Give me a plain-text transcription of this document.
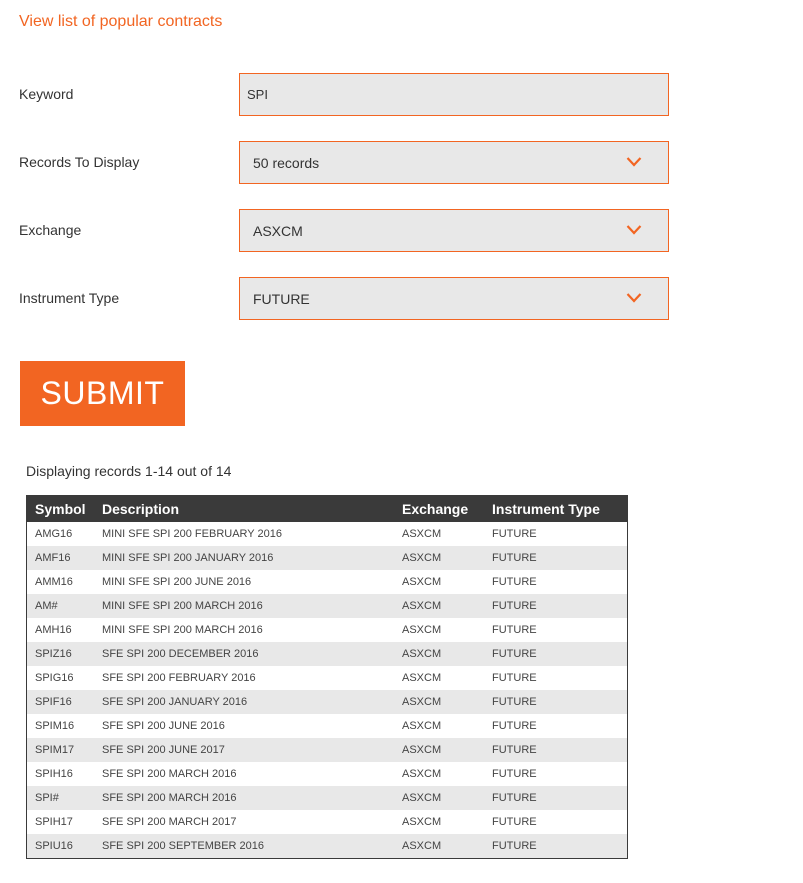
View list of popular contracts
Keyword
SPI
Records To Display	50 records
Exchange	ASXCM
Instrument Type	FUTURE
SUBMIT
Displaying records 1-14 out of 14
Symbol	Description	Exchange	Instrument Type
AMG16	MINI SFE SPI 200 FEBRUARY 2016	ASXCM	FUTURE
AMF16	MINI SFE SPI 200 JANUARY 2016	ASXCM	FUTURE
AMM16	MINI SFE SPI 200 JUNE 2016	ASXCM	FUTURE
AM#	MINI SFE SPI 200 MARCH 2016	ASXCM	FUTURE
AMH16	MINI SFE SPI 200 MARCH 2016	ASXCM	FUTURE
SPIZ16	SFE SPI 200 DECEMBER 2016	ASXCM	FUTURE
SPIG16	SFE SPI 200 FEBRUARY 2016	ASXCM	FUTURE
SPIF16	SFE SPI 200 JANUARY 2016	ASXCM	FUTURE
SPIM16	SFE SPI 200 JUNE 2016	ASXCM	FUTURE
SPIM17	SFE SPI 200 JUNE 2017	ASXCM	FUTURE
SPIH16	SFE SPI 200 MARCH 2016	ASXCM	FUTURE
SPI#	SFE SPI 200 MARCH 2016	ASXCM	FUTURE
SPIH17	SFE SPI 200 MARCH 2017	ASXCM	FUTURE
SPIU16	SFE SPI 200 SEPTEMBER 2016	ASXCM	FUTURE
